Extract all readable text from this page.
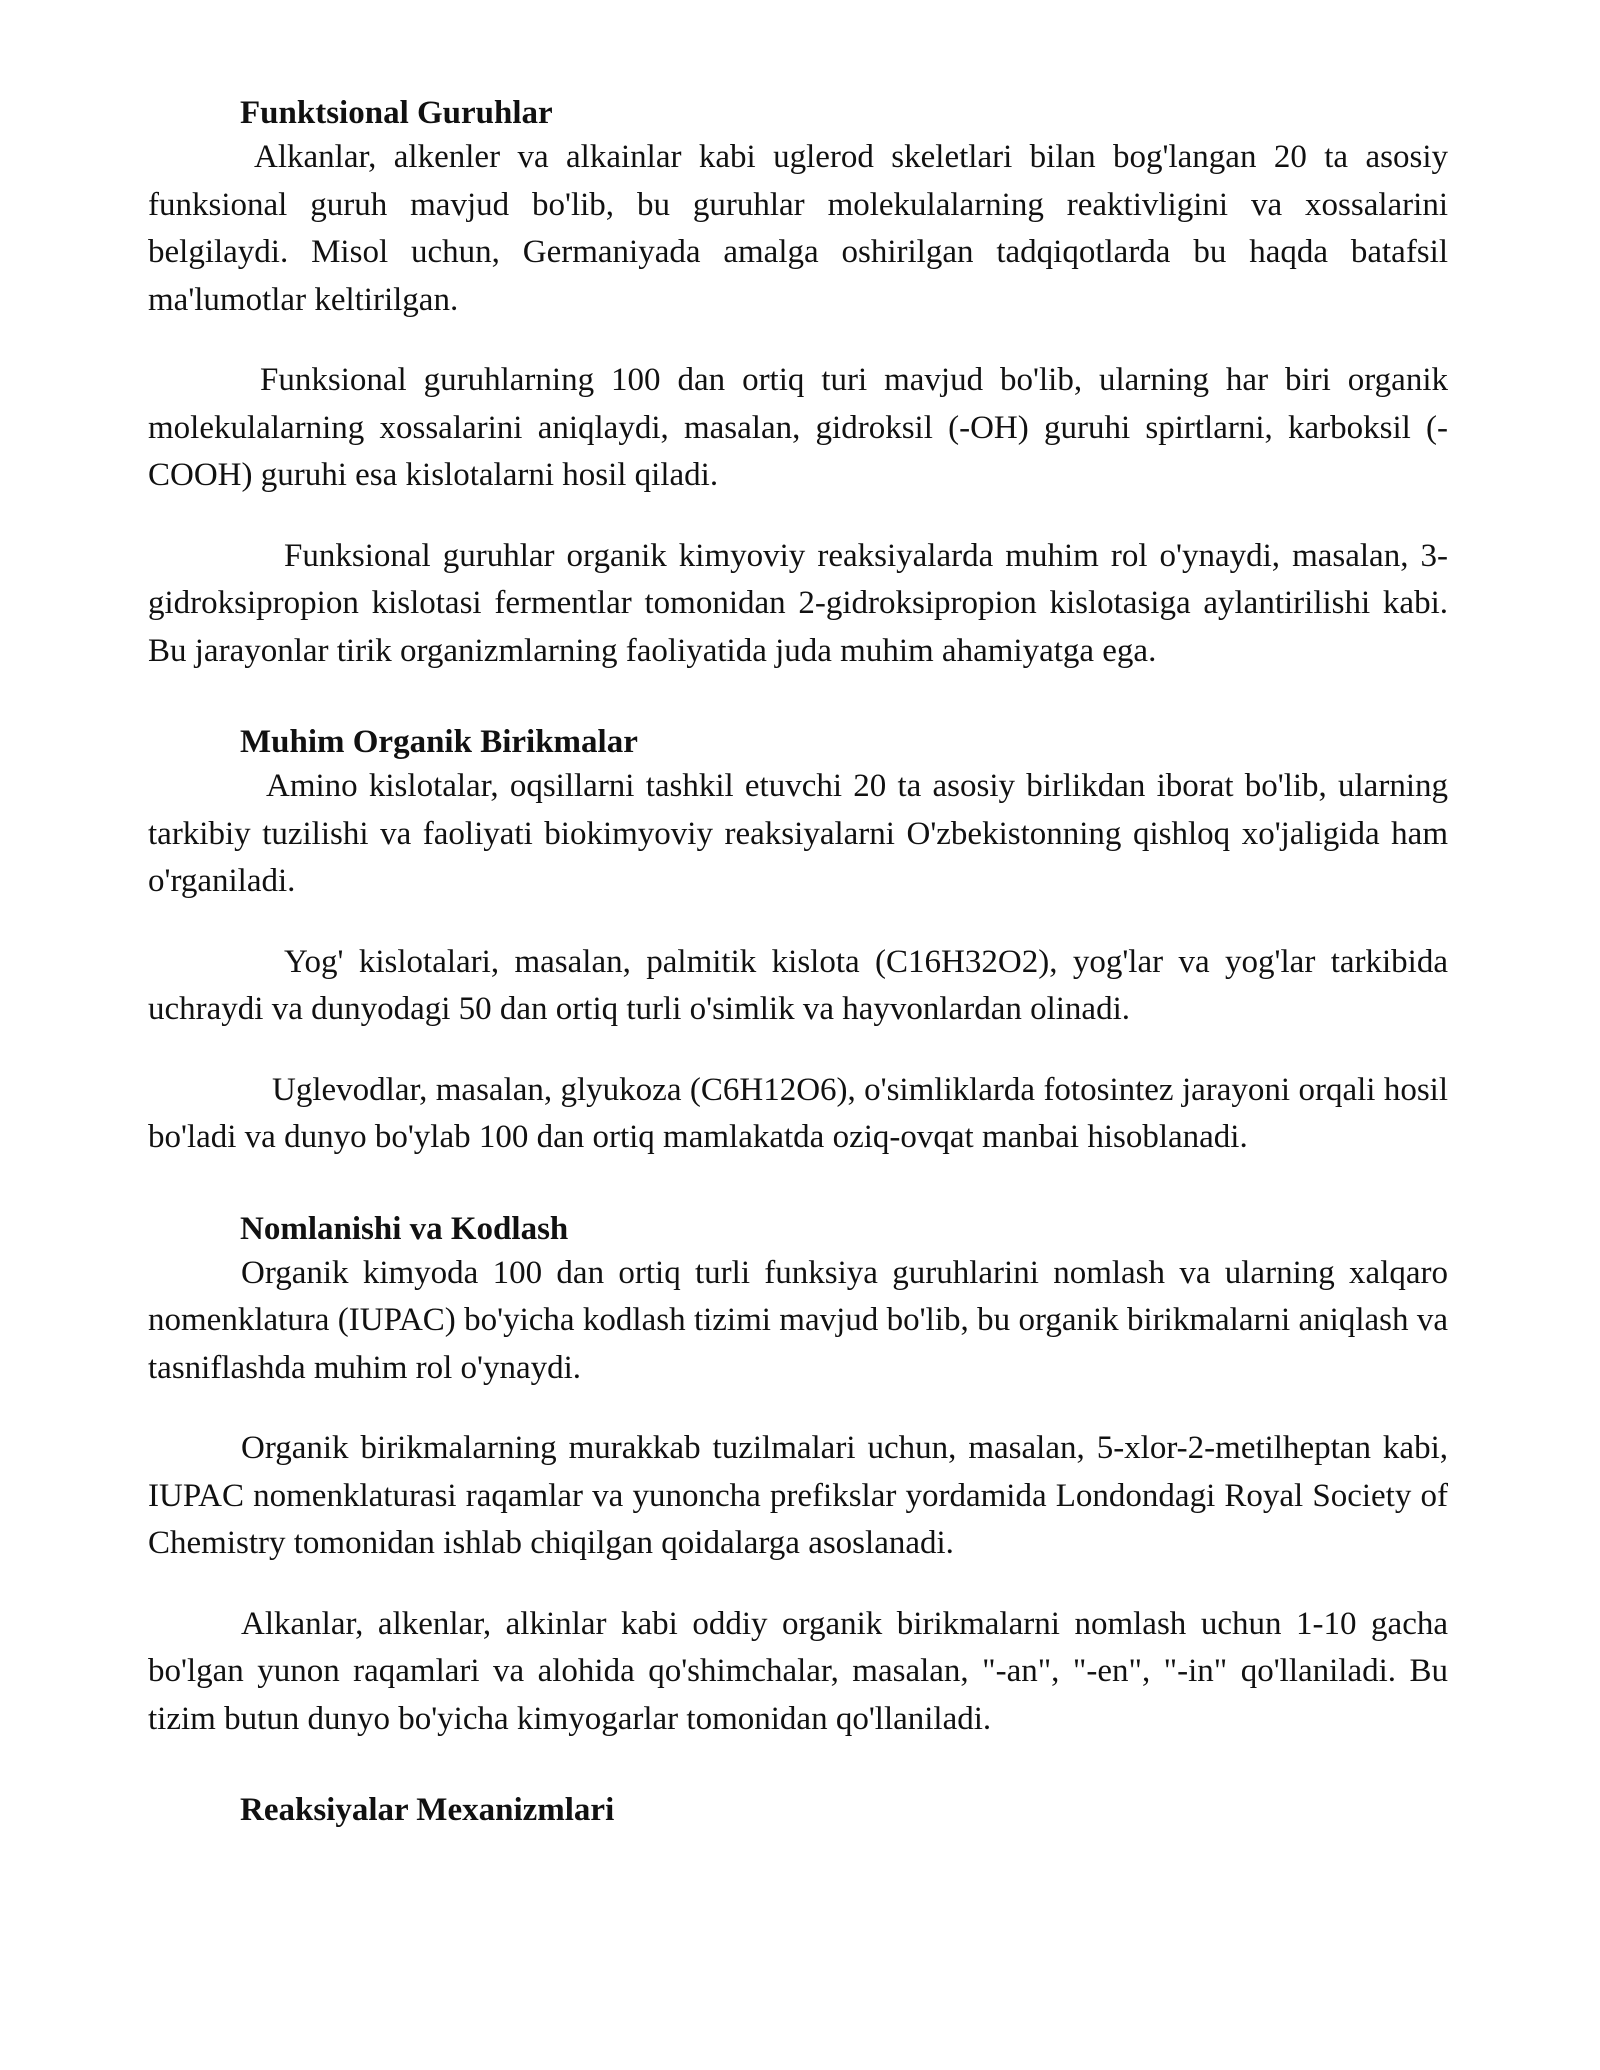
Funktsional Guruhlar

Alkanlar, alkenler va alkainlar kabi uglerod skeletlari bilan bog'langan 20 ta asosiy funksional guruh mavjud bo'lib, bu guruhlar molekulalarning reaktivligini va xossalarini belgilaydi. Misol uchun, Germaniyada amalga oshirilgan tadqiqotlarda bu haqda batafsil ma'lumotlar keltirilgan.

Funksional guruhlarning 100 dan ortiq turi mavjud bo'lib, ularning har biri organik molekulalarning xossalarini aniqlaydi, masalan, gidroksil (-OH) guruhi spirtlarni, karboksil (-COOH) guruhi esa kislotalarni hosil qiladi.

Funksional guruhlar organik kimyoviy reaksiyalarda muhim rol o'ynaydi, masalan, 3-gidroksipropion kislotasi fermentlar tomonidan 2-gidroksipropion kislotasiga aylantirilishi kabi. Bu jarayonlar tirik organizmlarning faoliyatida juda muhim ahamiyatga ega.

Muhim Organik Birikmalar

Amino kislotalar, oqsillarni tashkil etuvchi 20 ta asosiy birlikdan iborat bo'lib, ularning tarkibiy tuzilishi va faoliyati biokimyoviy reaksiyalarni O'zbekistonning qishloq xo'jaligida ham o'rganiladi.

Yog' kislotalari, masalan, palmitik kislota (C16H32O2), yog'lar va yog'lar tarkibida uchraydi va dunyodagi 50 dan ortiq turli o'simlik va hayvonlardan olinadi.

Uglevodlar, masalan, glyukoza (C6H12O6), o'simliklarda fotosintez jarayoni orqali hosil bo'ladi va dunyo bo'ylab 100 dan ortiq mamlakatda oziq-ovqat manbai hisoblanadi.

Nomlanishi va Kodlash

Organik kimyoda 100 dan ortiq turli funksiya guruhlarini nomlash va ularning xalqaro nomenklatura (IUPAC) bo'yicha kodlash tizimi mavjud bo'lib, bu organik birikmalarni aniqlash va tasniflashda muhim rol o'ynaydi.

Organik birikmalarning murakkab tuzilmalari uchun, masalan, 5-xlor-2-metilheptan kabi, IUPAC nomenklaturasi raqamlar va yunoncha prefikslar yordamida Londondagi Royal Society of Chemistry tomonidan ishlab chiqilgan qoidalarga asoslanadi.

Alkanlar, alkenlar, alkinlar kabi oddiy organik birikmalarni nomlash uchun 1-10 gacha bo'lgan yunon raqamlari va alohida qo'shimchalar, masalan, "-an", "-en", "-in" qo'llaniladi. Bu tizim butun dunyo bo'yicha kimyogarlar tomonidan qo'llaniladi.

Reaksiyalar Mexanizmlari
